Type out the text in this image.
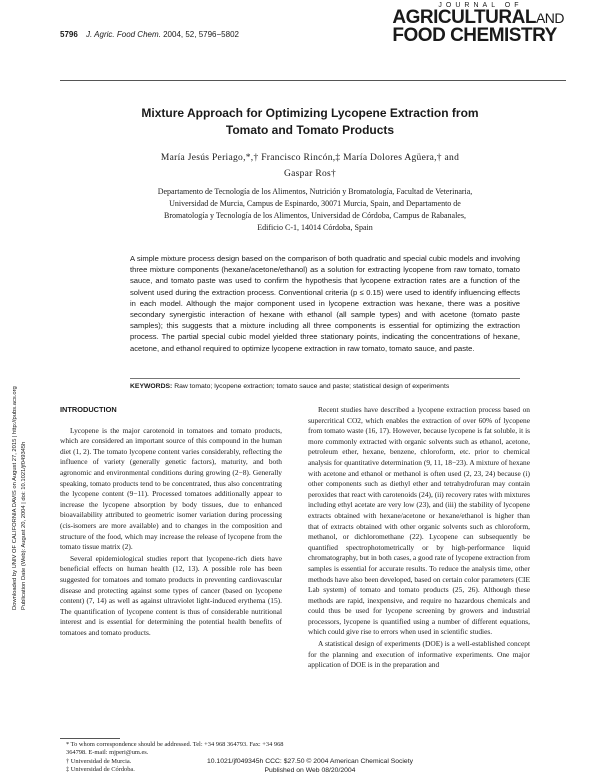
Downloaded by UNIV OF CALIFORNIA DAVIS on August 27, 2015 | http://pubs.acs.org Publication Date (Web): August 20, 2004 | doi: 10.1021/jf049345h
5796 J. Agric. Food Chem. 2004, 52, 5796−5802
JOURNAL OF
AGRICULTURALAND
FOOD CHEMISTRY
Mixture Approach for Optimizing Lycopene Extraction from
Tomato and Tomato Products
María Jesús Periago,*,† Francisco Rincón,‡ María Dolores Agüera,† and
Gaspar Ros†
Departamento de Tecnología de los Alimentos, Nutrición y Bromatología, Facultad de Veterinaria,
Universidad de Murcia, Campus de Espinardo, 30071 Murcia, Spain, and Departamento de
Bromatología y Tecnología de los Alimentos, Universidad de Córdoba, Campus de Rabanales,
Edificio C-1, 14014 Córdoba, Spain
A simple mixture process design based on the comparison of both quadratic and special cubic models and involving three mixture components (hexane/acetone/ethanol) as a solution for extracting lycopene from raw tomato, tomato sauce, and tomato paste was used to confirm the hypothesis that lycopene extraction rates are a function of the solvent used during the extraction process. Conventional criteria (p ≤ 0.15) were used to identify influencing effects in each model. Although the major component used in lycopene extraction was hexane, there was a positive secondary synergistic interaction of hexane with ethanol (all sample types) and with acetone (tomato paste samples); this suggests that a mixture including all three components is essential for optimizing the extraction process. The partial special cubic model yielded three stationary points, indicating the concentrations of hexane, acetone, and ethanol required to optimize lycopene extraction in raw tomato, tomato sauce, and paste.
KEYWORDS: Raw tomato; lycopene extraction; tomato sauce and paste; statistical design of experiments
INTRODUCTION

Lycopene is the major carotenoid in tomatoes and tomato products, which are considered an important source of this compound in the human diet (1, 2). The tomato lycopene content varies considerably, reflecting the influence of variety (generally genetic factors), maturity, and both agronomic and environmental conditions during growing (2−8). Generally speaking, tomato products tend to be concentrated, thus also concentrating the lycopene content (9−11). Processed tomatoes additionally appear to increase the lycopene absorption by body tissues, due to enhanced bioavailability attributed to geometric isomer variation during processing (cis-isomers are more available) and to changes in the composition and structure of the food, which may increase the release of lycopene from the tomato tissue matrix (2).

Several epidemiological studies report that lycopene-rich diets have beneficial effects on human health (12, 13). A possible role has been suggested for tomatoes and tomato products in preventing cardiovascular disease and protecting against some types of cancer (based on lycopene content) (7, 14) as well as against ultraviolet light-induced erythema (15). The quantification of lycopene content is thus of considerable nutritional interest and is essential for determining the potential health benefits of tomatoes and tomato products.

Recent studies have described a lycopene extraction process based on supercritical CO2, which enables the extraction of over 60% of lycopene from tomato waste (16, 17). However, because lycopene is fat soluble, it is more commonly extracted with organic solvents such as ethanol, acetone, petroleum ether, hexane, benzene, chloroform, etc. prior to chemical analysis for quantitative determination (9, 11, 18−23). A mixture of hexane with acetone and ethanol or methanol is often used (2, 23, 24) because (i) other components such as diethyl ether and tetrahydrofuran may contain peroxides that react with carotenoids (24), (ii) recovery rates with mixtures including ethyl acetate are very low (23), and (iii) the stability of lycopene extracts obtained with hexane/acetone or hexane/ethanol is higher than that of extracts obtained with other organic solvents such as chloroform, methanol, or dichloromethane (22). Lycopene can subsequently be quantified spectrophotometrically or by high-performance liquid chromatography, but in both cases, a good rate of lycopene extraction from samples is essential for accurate results. To reduce the analysis time, other methods have also been developed, based on certain color parameters (CIE Lab system) of tomato and tomato products (25, 26). Although these methods are rapid, inexpensive, and require no hazardous chemicals and could thus be used for lycopene screening by growers and industrial processors, lycopene is quantified using a number of different equations, which could give rise to errors when used in scientific studies.

A statistical design of experiments (DOE) is a well-established concept for the planning and execution of informative experiments. One major application of DOE is in the preparation and

* To whom correspondence should be addressed. Tel: +34 968 364793. Fax: +34 968 364798. E-mail: mjperi@um.es.
† Universidad de Murcia.
‡ Universidad de Córdoba.
10.1021/jf049345h CCC: $27.50 © 2004 American Chemical Society
Published on Web 08/20/2004
